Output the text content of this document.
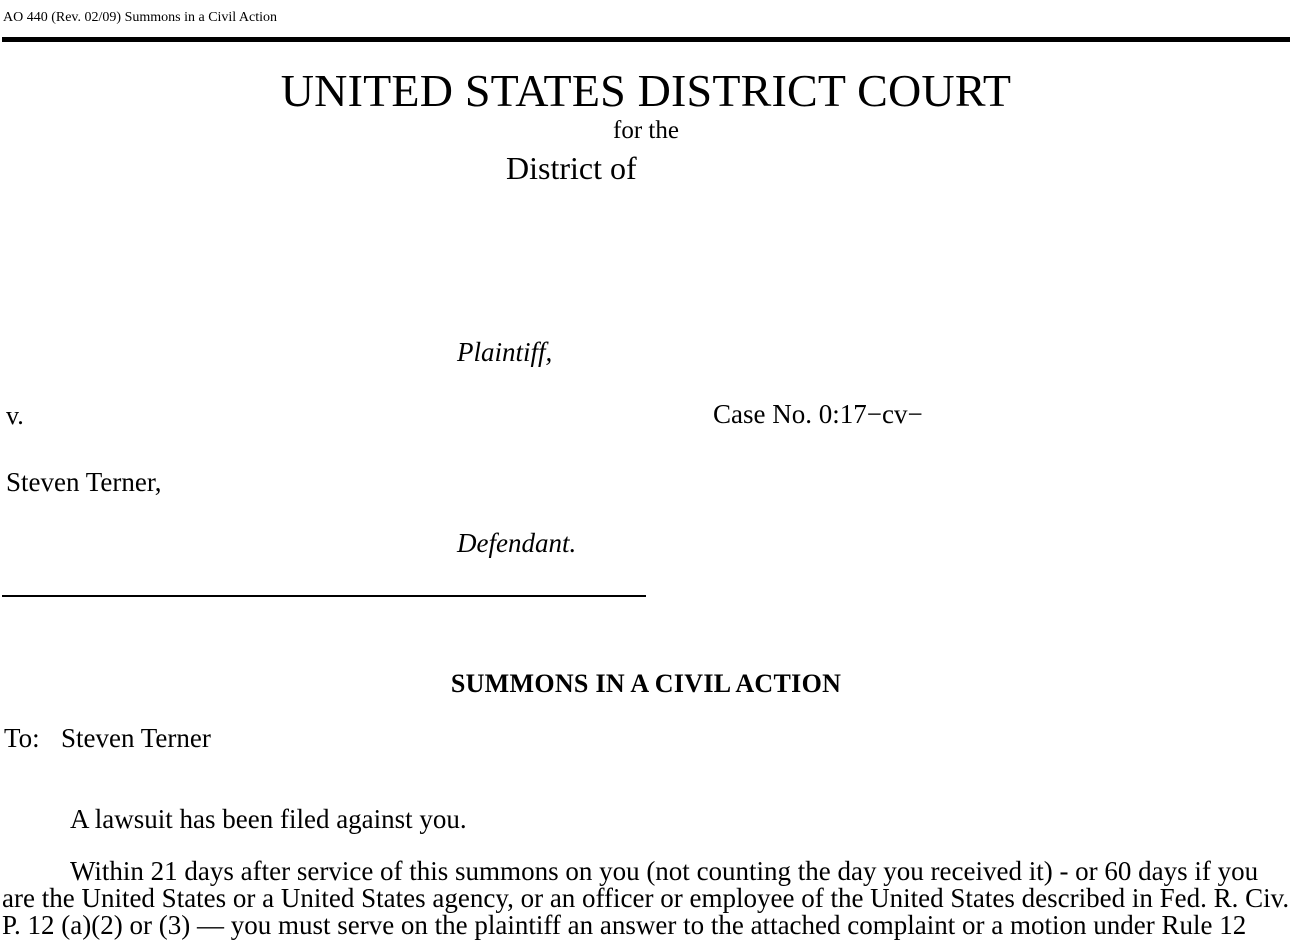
AO 440 (Rev. 02/09) Summons in a Civil Action
UNITED STATES DISTRICT COURT
for the
District of
Plaintiff,
v.	Case No. 0:17−cv−
Steven Terner,
Defendant.
SUMMONS IN A CIVIL ACTION
To: Steven Terner
A lawsuit has been filed against you.
Within 21 days after service of this summons on you (not counting the day you received it) - or 60 days if you are the United States or a United States agency, or an officer or employee of the United States described in Fed. R. Civ. P. 12 (a)(2) or (3) — you must serve on the plaintiff an answer to the attached complaint or a motion under Rule 12
